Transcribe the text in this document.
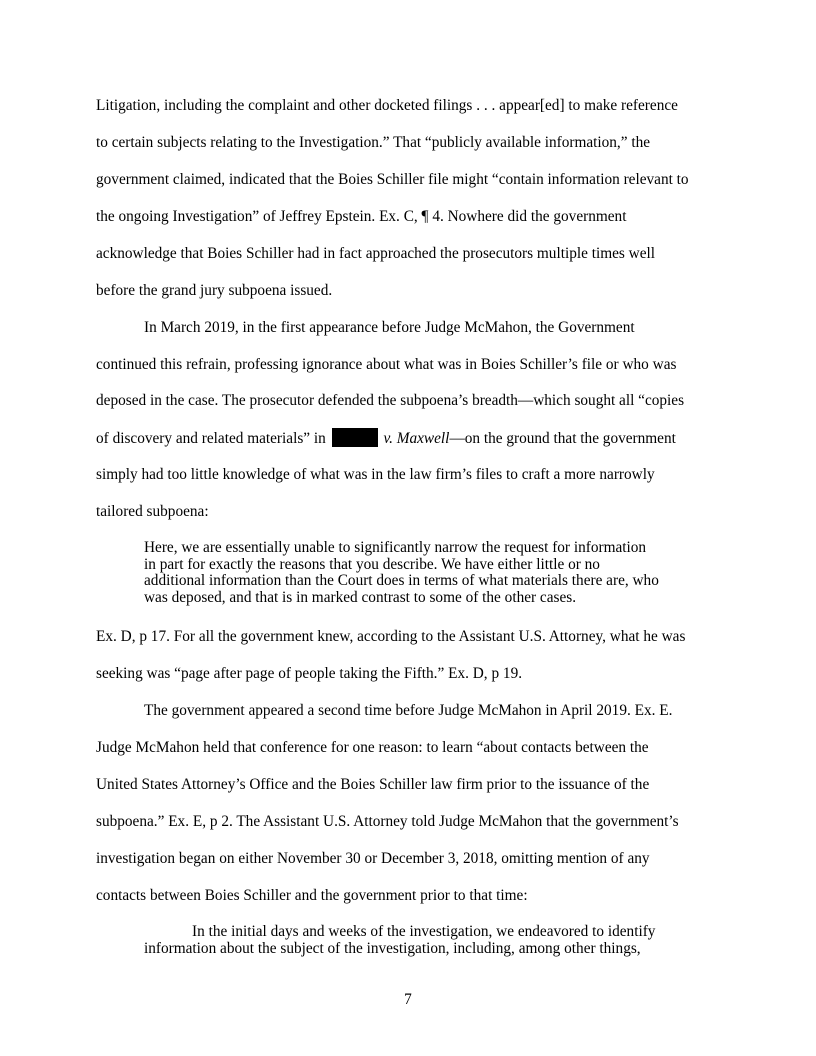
Litigation, including the complaint and other docketed filings . . . appear[ed] to make reference
to certain subjects relating to the Investigation.” That “publicly available information,” the
government claimed, indicated that the Boies Schiller file might “contain information relevant to
the ongoing Investigation” of Jeffrey Epstein. Ex. C, ¶ 4. Nowhere did the government
acknowledge that Boies Schiller had in fact approached the prosecutors multiple times well
before the grand jury subpoena issued.
In March 2019, in the first appearance before Judge McMahon, the Government
continued this refrain, professing ignorance about what was in Boies Schiller’s file or who was
deposed in the case. The prosecutor defended the subpoena’s breadth—which sought all “copies
of discovery and related materials” in	v. Maxwell—on the ground that the government
simply had too little knowledge of what was in the law firm’s files to craft a more narrowly
tailored subpoena:
Here, we are essentially unable to significantly narrow the request for information
in part for exactly the reasons that you describe. We have either little or no
additional information than the Court does in terms of what materials there are, who
was deposed, and that is in marked contrast to some of the other cases.
Ex. D, p 17. For all the government knew, according to the Assistant U.S. Attorney, what he was
seeking was “page after page of people taking the Fifth.” Ex. D, p 19.
The government appeared a second time before Judge McMahon in April 2019. Ex. E.
Judge McMahon held that conference for one reason: to learn “about contacts between the
United States Attorney’s Office and the Boies Schiller law firm prior to the issuance of the
subpoena.” Ex. E, p 2. The Assistant U.S. Attorney told Judge McMahon that the government’s
investigation began on either November 30 or December 3, 2018, omitting mention of any
contacts between Boies Schiller and the government prior to that time:
In the initial days and weeks of the investigation, we endeavored to identify
information about the subject of the investigation, including, among other things,
7
